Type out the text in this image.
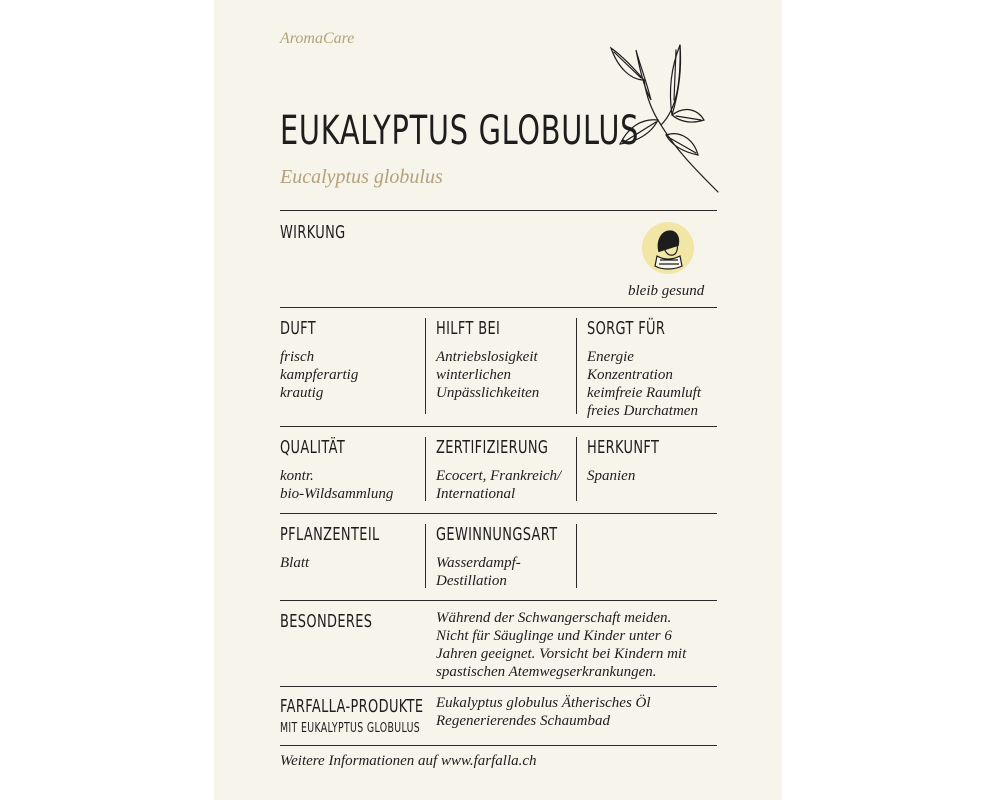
AromaCare
EUKALYPTUS GLOBULUS
Eucalyptus globulus
WIRKUNG
bleib gesund
DUFT
frisch
kampferartig
krautig
HILFT BEI
Antriebslosigkeit
winterlichen
Unpässlichkeiten
SORGT FÜR
Energie
Konzentration
keimfreie Raumluft
freies Durchatmen
QUALITÄT
kontr.
bio-Wildsammlung
ZERTIFIZIERUNG
Ecocert, Frankreich/
International
HERKUNFT
Spanien
PFLANZENTEIL
Blatt
GEWINNUNGSART
Wasserdampf-
Destillation
BESONDERES	Während der Schwangerschaft meiden.
Nicht für Säuglinge und Kinder unter 6
Jahren geeignet. Vorsicht bei Kindern mit
spastischen Atemwegserkrankungen.
FARFALLA-PRODUKTE
MIT EUKALYPTUS GLOBULUS
Eukalyptus globulus Ätherisches Öl
Regenerierendes Schaumbad
Weitere Informationen auf www.farfalla.ch
